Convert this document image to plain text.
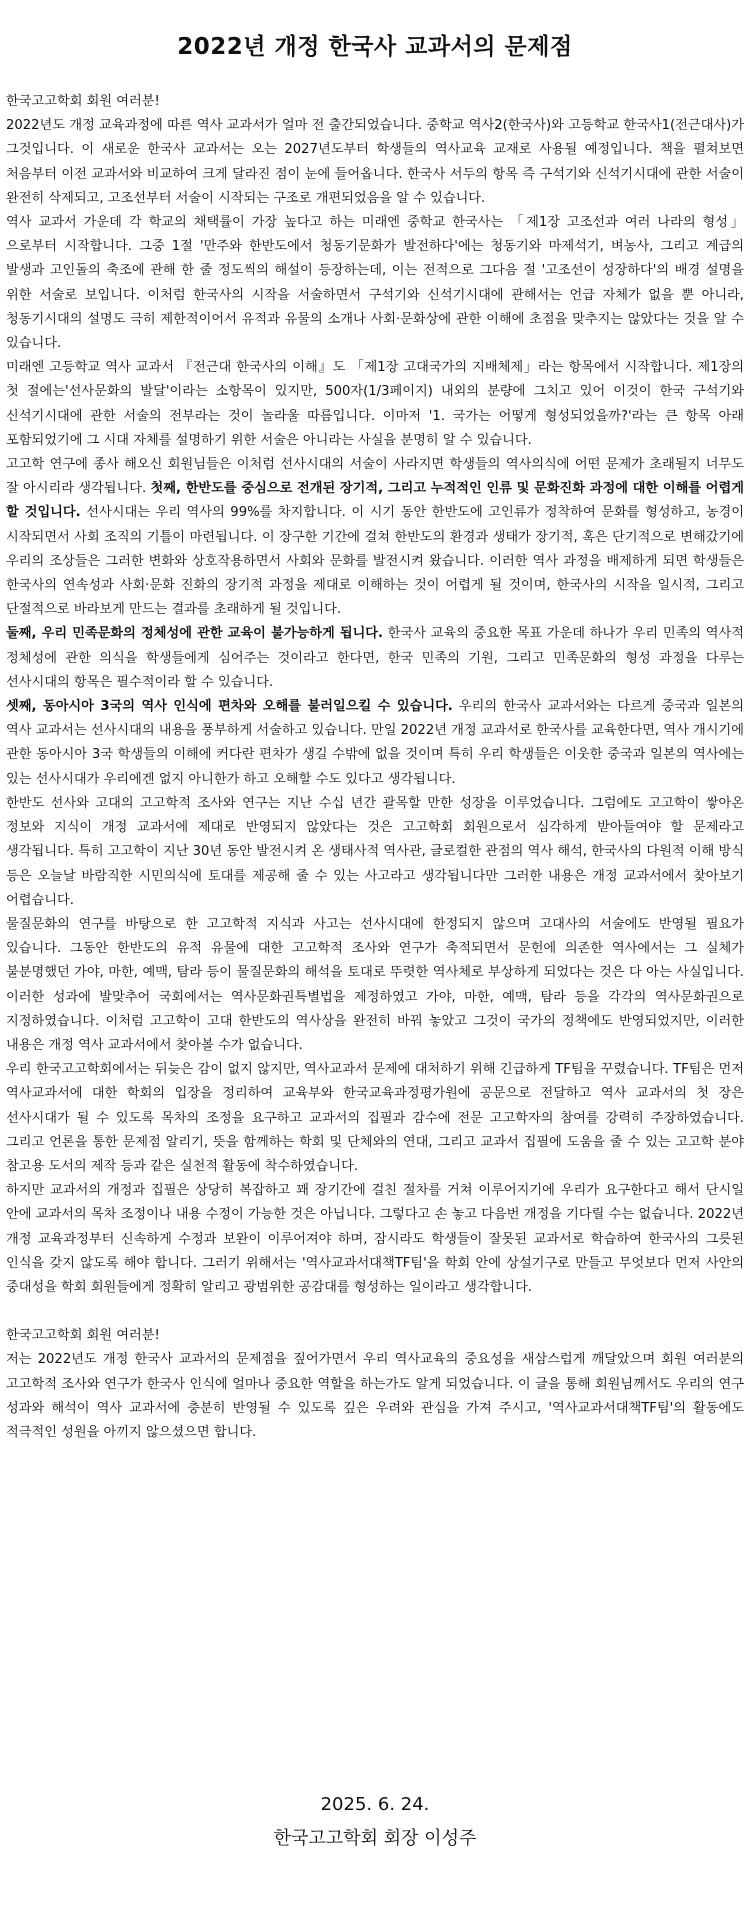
2022년 개정 한국사 교과서의 문제점

한국고고학회 회원 여러분!

2022년도 개정 교육과정에 따른 역사 교과서가 얼마 전 출간되었습니다. 중학교 역사2(한국사)와 고등학교 한국사1(전근대사)가 그것입니다. 이 새로운 한국사 교과서는 오는 2027년도부터 학생들의 역사교육 교재로 사용될 예정입니다. 책을 펼쳐보면 처음부터 이전 교과서와 비교하여 크게 달라진 점이 눈에 들어옵니다. 한국사 서두의 항목 즉 구석기와 신석기시대에 관한 서술이 완전히 삭제되고, 고조선부터 서술이 시작되는 구조로 개편되었음을 알 수 있습니다.

역사 교과서 가운데 각 학교의 채택률이 가장 높다고 하는 미래엔 중학교 한국사는 「제1장 고조선과 여러 나라의 형성」으로부터 시작합니다. 그중 1절 '만주와 한반도에서 청동기문화가 발전하다'에는 청동기와 마제석기, 벼농사, 그리고 계급의 발생과 고인돌의 축조에 관해 한 줄 정도씩의 해설이 등장하는데, 이는 전적으로 그다음 절 '고조선이 성장하다'의 배경 설명을 위한 서술로 보입니다. 이처럼 한국사의 시작을 서술하면서 구석기와 신석기시대에 관해서는 언급 자체가 없을 뿐 아니라, 청동기시대의 설명도 극히 제한적이어서 유적과 유물의 소개나 사회·문화상에 관한 이해에 초점을 맞추지는 않았다는 것을 알 수 있습니다.

미래엔 고등학교 역사 교과서 『전근대 한국사의 이해』도 「제1장 고대국가의 지배체제」라는 항목에서 시작합니다. 제1장의 첫 절에는'선사문화의 발달'이라는 소항목이 있지만, 500자(1/3페이지) 내외의 분량에 그치고 있어 이것이 한국 구석기와 신석기시대에 관한 서술의 전부라는 것이 놀라울 따름입니다. 이마저 '1. 국가는 어떻게 형성되었을까?'라는 큰 항목 아래 포함되었기에 그 시대 자체를 설명하기 위한 서술은 아니라는 사실을 분명히 알 수 있습니다.

고고학 연구에 종사 해오신 회원님들은 이처럼 선사시대의 서술이 사라지면 학생들의 역사의식에 어떤 문제가 초래될지 너무도 잘 아시리라 생각됩니다. 첫째, 한반도를 중심으로 전개된 장기적, 그리고 누적적인 인류 및 문화진화 과정에 대한 이해를 어렵게 할 것입니다. 선사시대는 우리 역사의 99%를 차지합니다. 이 시기 동안 한반도에 고인류가 정착하여 문화를 형성하고, 농경이 시작되면서 사회 조직의 기틀이 마련됩니다. 이 장구한 기간에 걸쳐 한반도의 환경과 생태가 장기적, 혹은 단기적으로 변해갔기에 우리의 조상들은 그러한 변화와 상호작용하면서 사회와 문화를 발전시켜 왔습니다. 이러한 역사 과정을 배제하게 되면 학생들은 한국사의 연속성과 사회·문화 진화의 장기적 과정을 제대로 이해하는 것이 어렵게 될 것이며, 한국사의 시작을 일시적, 그리고 단절적으로 바라보게 만드는 결과를 초래하게 될 것입니다.

둘째, 우리 민족문화의 정체성에 관한 교육이 불가능하게 됩니다. 한국사 교육의 중요한 목표 가운데 하나가 우리 민족의 역사적 정체성에 관한 의식을 학생들에게 심어주는 것이라고 한다면, 한국 민족의 기원, 그리고 민족문화의 형성 과정을 다루는 선사시대의 항목은 필수적이라 할 수 있습니다.

셋째, 동아시아 3국의 역사 인식에 편차와 오해를 불러일으킬 수 있습니다. 우리의 한국사 교과서와는 다르게 중국과 일본의 역사 교과서는 선사시대의 내용을 풍부하게 서술하고 있습니다. 만일 2022년 개정 교과서로 한국사를 교육한다면, 역사 개시기에 관한 동아시아 3국 학생들의 이해에 커다란 편차가 생길 수밖에 없을 것이며 특히 우리 학생들은 이웃한 중국과 일본의 역사에는 있는 선사시대가 우리에겐 없지 아니한가 하고 오해할 수도 있다고 생각됩니다.

한반도 선사와 고대의 고고학적 조사와 연구는 지난 수십 년간 괄목할 만한 성장을 이루었습니다. 그럼에도 고고학이 쌓아온 정보와 지식이 개정 교과서에 제대로 반영되지 않았다는 것은 고고학회 회원으로서 심각하게 받아들여야 할 문제라고 생각됩니다. 특히 고고학이 지난 30년 동안 발전시켜 온 생태사적 역사관, 글로컬한 관점의 역사 해석, 한국사의 다원적 이해 방식 등은 오늘날 바람직한 시민의식에 토대를 제공해 줄 수 있는 사고라고 생각됩니다만 그러한 내용은 개정 교과서에서 찾아보기 어렵습니다.

물질문화의 연구를 바탕으로 한 고고학적 지식과 사고는 선사시대에 한정되지 않으며 고대사의 서술에도 반영될 필요가 있습니다. 그동안 한반도의 유적 유물에 대한 고고학적 조사와 연구가 축적되면서 문헌에 의존한 역사에서는 그 실체가 불분명했던 가야, 마한, 예맥, 탐라 등이 물질문화의 해석을 토대로 뚜렷한 역사체로 부상하게 되었다는 것은 다 아는 사실입니다. 이러한 성과에 발맞추어 국회에서는 역사문화권특별법을 제정하였고 가야, 마한, 예맥, 탐라 등을 각각의 역사문화권으로 지정하였습니다. 이처럼 고고학이 고대 한반도의 역사상을 완전히 바꿔 놓았고 그것이 국가의 정책에도 반영되었지만, 이러한 내용은 개정 역사 교과서에서 찾아볼 수가 없습니다.

우리 한국고고학회에서는 뒤늦은 감이 없지 않지만, 역사교과서 문제에 대처하기 위해 긴급하게 TF팀을 꾸렸습니다. TF팀은 먼저 역사교과서에 대한 학회의 입장을 정리하여 교육부와 한국교육과정평가원에 공문으로 전달하고 역사 교과서의 첫 장은 선사시대가 될 수 있도록 목차의 조정을 요구하고 교과서의 집필과 감수에 전문 고고학자의 참여를 강력히 주장하였습니다. 그리고 언론을 통한 문제점 알리기, 뜻을 함께하는 학회 및 단체와의 연대, 그리고 교과서 집필에 도움을 줄 수 있는 고고학 분야 참고용 도서의 제작 등과 같은 실천적 활동에 착수하였습니다.

하지만 교과서의 개정과 집필은 상당히 복잡하고 꽤 장기간에 걸친 절차를 거쳐 이루어지기에 우리가 요구한다고 해서 단시일 안에 교과서의 목차 조정이나 내용 수정이 가능한 것은 아닙니다. 그렇다고 손 놓고 다음번 개정을 기다릴 수는 없습니다. 2022년 개정 교육과정부터 신속하게 수정과 보완이 이루어져야 하며, 잠시라도 학생들이 잘못된 교과서로 학습하여 한국사의 그릇된 인식을 갖지 않도록 해야 합니다. 그러기 위해서는 '역사교과서대책TF팀'을 학회 안에 상설기구로 만들고 무엇보다 먼저 사안의 중대성을 학회 회원들에게 정확히 알리고 광범위한 공감대를 형성하는 일이라고 생각합니다.

한국고고학회 회원 여러분!

저는 2022년도 개정 한국사 교과서의 문제점을 짚어가면서 우리 역사교육의 중요성을 새삼스럽게 깨달았으며 회원 여러분의 고고학적 조사와 연구가 한국사 인식에 얼마나 중요한 역할을 하는가도 알게 되었습니다. 이 글을 통해 회원님께서도 우리의 연구 성과와 해석이 역사 교과서에 충분히 반영될 수 있도록 깊은 우려와 관심을 가져 주시고, '역사교과서대책TF팀'의 활동에도 적극적인 성원을 아끼지 않으셨으면 합니다.

2025. 6. 24.
한국고고학회 회장 이성주
